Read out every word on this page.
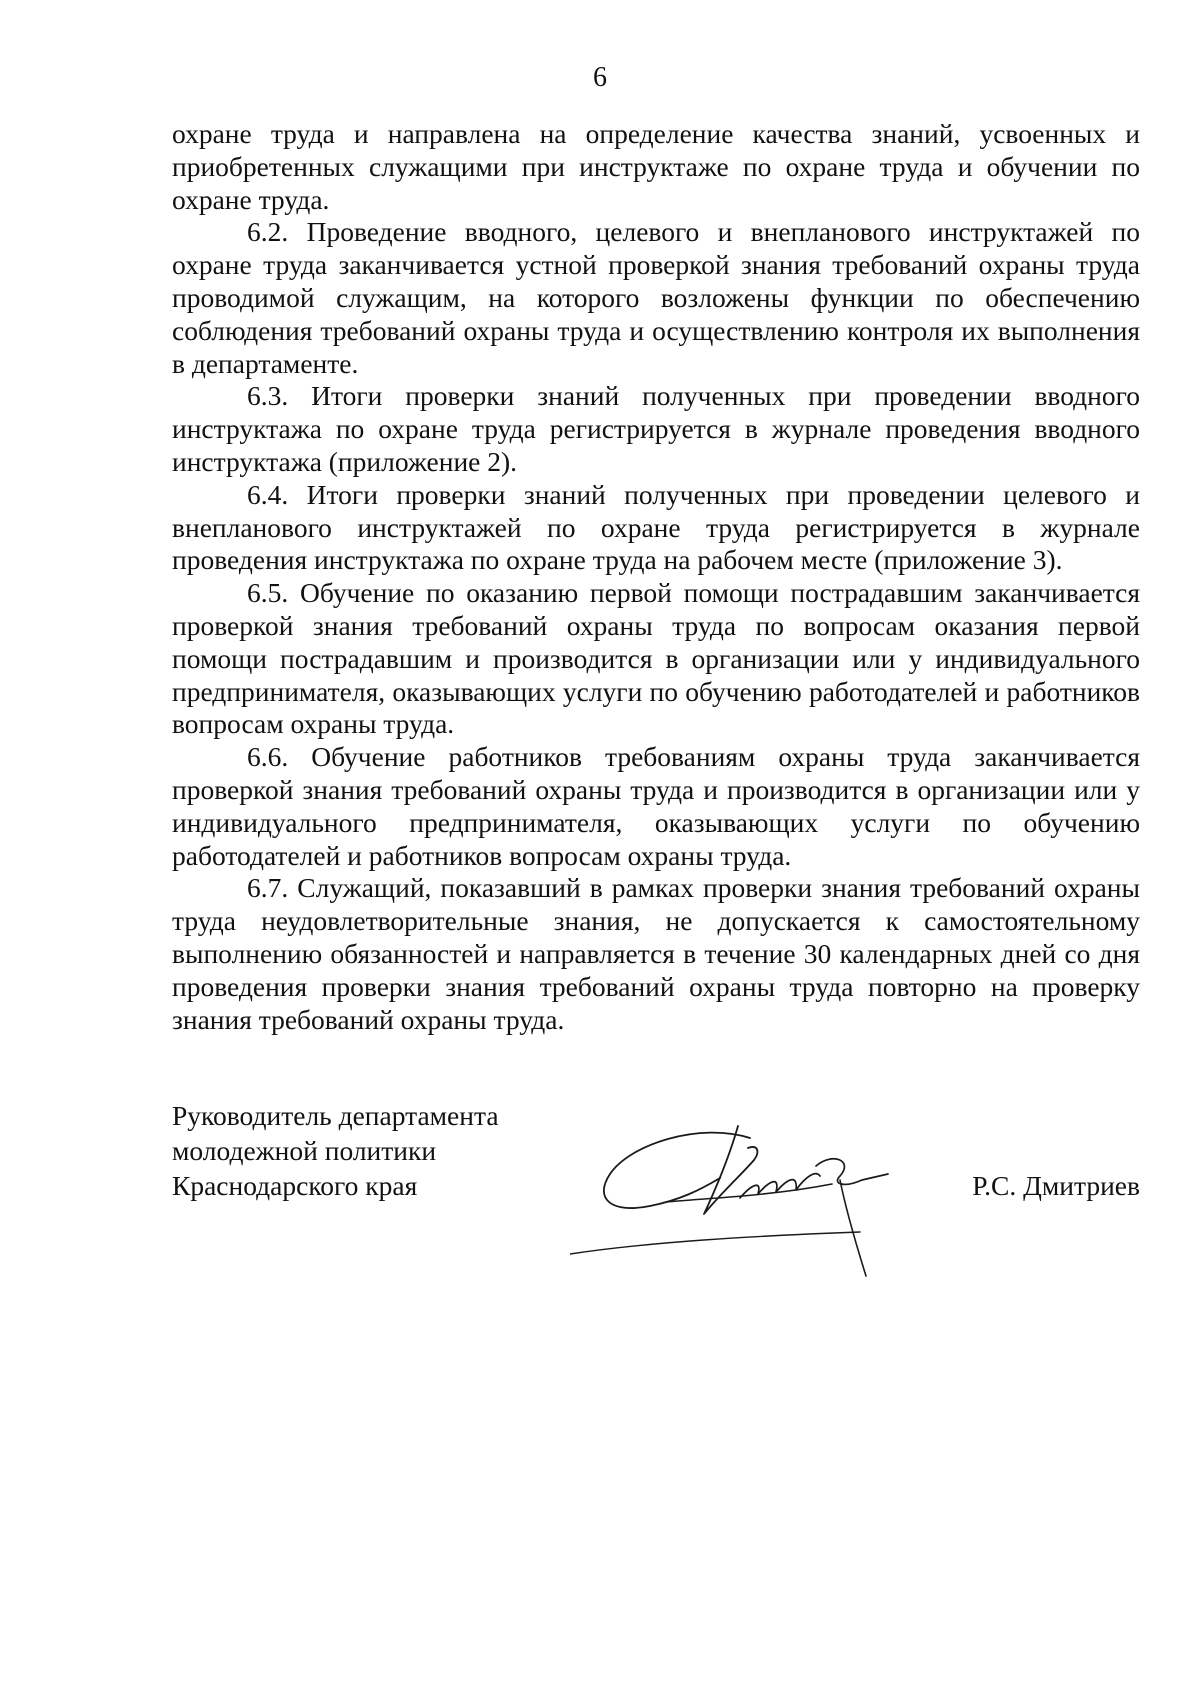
6

охране труда и направлена на определение качества знаний, усвоенных и приобретенных служащими при инструктаже по охране труда и обучении по охране труда.

6.2. Проведение вводного, целевого и внепланового инструктажей по охране труда заканчивается устной проверкой знания требований охраны труда проводимой служащим, на которого возложены функции по обеспечению соблюдения требований охраны труда и осуществлению контроля их выполнения в департаменте.

6.3. Итоги проверки знаний полученных при проведении вводного инструктажа по охране труда регистрируется в журнале проведения вводного инструктажа (приложение 2).

6.4. Итоги проверки знаний полученных при проведении целевого и внепланового инструктажей по охране труда регистрируется в журнале проведения инструктажа по охране труда на рабочем месте (приложение 3).

6.5. Обучение по оказанию первой помощи пострадавшим заканчивается проверкой знания требований охраны труда по вопросам оказания первой помощи пострадавшим и производится в организации или у индивидуального предпринимателя, оказывающих услуги по обучению работодателей и работников вопросам охраны труда.

6.6. Обучение работников требованиям охраны труда заканчивается проверкой знания требований охраны труда и производится в организации или у индивидуального предпринимателя, оказывающих услуги по обучению работодателей и работников вопросам охраны труда.

6.7. Служащий, показавший в рамках проверки знания требований охраны труда неудовлетворительные знания, не допускается к самостоятельному выполнению обязанностей и направляется в течение 30 календарных дней со дня проведения проверки знания требований охраны труда повторно на проверку знания требований охраны труда.

Руководитель департамента
молодежной политики
Краснодарского края	Р.С. Дмитриев
